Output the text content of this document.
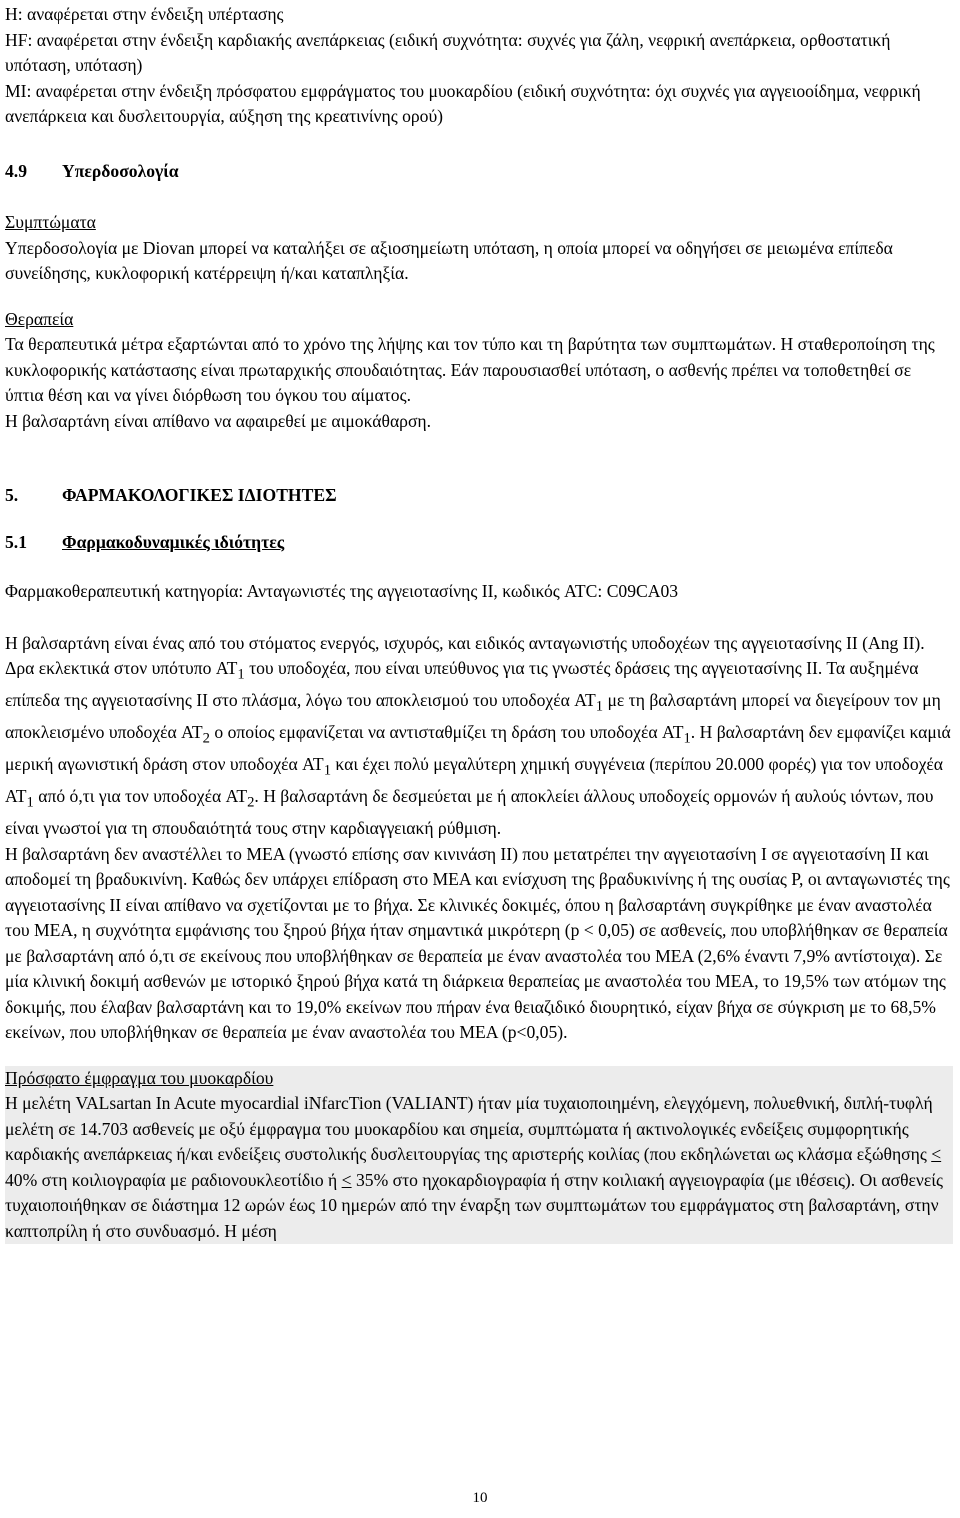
H: αναφέρεται στην ένδειξη υπέρτασης

HF: αναφέρεται στην ένδειξη καρδιακής ανεπάρκειας (ειδική συχνότητα: συχνές για ζάλη, νεφρική ανεπάρκεια, ορθοστατική υπόταση, υπόταση)

MI: αναφέρεται στην ένδειξη πρόσφατου εμφράγματος του μυοκαρδίου (ειδική συχνότητα: όχι συχνές για αγγειοοίδημα, νεφρική ανεπάρκεια και δυσλειτουργία, αύξηση της κρεατινίνης ορού)

4.9	Υπερδοσολογία

Συμπτώματα

Υπερδοσολογία με Diovan μπορεί να καταλήξει σε αξιοσημείωτη υπόταση, η οποία μπορεί να οδηγήσει σε μειωμένα επίπεδα συνείδησης, κυκλοφορική κατέρρειψη ή/και καταπληξία.

Θεραπεία

Τα θεραπευτικά μέτρα εξαρτώνται από το χρόνο της λήψης και τον τύπο και τη βαρύτητα των συμπτωμάτων. Η σταθεροποίηση της κυκλοφορικής κατάστασης είναι πρωταρχικής σπουδαιότητας. Εάν παρουσιασθεί υπόταση, ο ασθενής πρέπει να τοποθετηθεί σε ύπτια θέση και να γίνει διόρθωση του όγκου του αίματος.

Η βαλσαρτάνη είναι απίθανο να αφαιρεθεί με αιμοκάθαρση.

5.	ΦΑΡΜΑΚΟΛΟΓΙΚΕΣ ΙΔΙΟΤΗΤΕΣ
5.1	Φαρμακοδυναμικές ιδιότητες

Φαρμακοθεραπευτική κατηγορία: Ανταγωνιστές της αγγειοτασίνης ΙΙ, κωδικός ATC: C09CA03

Η βαλσαρτάνη είναι ένας από του στόματος ενεργός, ισχυρός, και ειδικός ανταγωνιστής υποδοχέων της αγγειοτασίνης ΙΙ (Ang II). Δρα εκλεκτικά στον υπότυπο $AT_1$ του υποδοχέα, που είναι υπεύθυνος για τις γνωστές δράσεις της αγγειοτασίνης ΙΙ. Τα αυξημένα επίπεδα της αγγειοτασίνης ΙΙ στο πλάσμα, λόγω του αποκλεισμού του υποδοχέα $AT_1$ με τη βαλσαρτάνη μπορεί να διεγείρουν τον μη αποκλεισμένο υποδοχέα $AT_2$ ο οποίος εμφανίζεται να αντισταθμίζει τη δράση του υποδοχέα $AT_1$. Η βαλσαρτάνη δεν εμφανίζει καμιά μερική αγωνιστική δράση στον υποδοχέα $AT_1$ και έχει πολύ μεγαλύτερη χημική συγγένεια (περίπου 20.000 φορές) για τον υποδοχέα $AT_1$ από ό,τι για τον υποδοχέα $AT_2$. Η βαλσαρτάνη δε δεσμεύεται με ή αποκλείει άλλους υποδοχείς ορμονών ή αυλούς ιόντων, που είναι γνωστοί για τη σπουδαιότητά τους στην καρδιαγγειακή ρύθμιση.

Η βαλσαρτάνη δεν αναστέλλει το ΜΕΑ (γνωστό επίσης σαν κινινάση ΙΙ) που μετατρέπει την αγγειοτασίνη Ι σε αγγειοτασίνη ΙΙ και αποδομεί τη βραδυκινίνη. Καθώς δεν υπάρχει επίδραση στο ΜΕΑ και ενίσχυση της βραδυκινίνης ή της ουσίας P, οι ανταγωνιστές της αγγειοτασίνης ΙΙ είναι απίθανο να σχετίζονται με το βήχα. Σε κλινικές δοκιμές, όπου η βαλσαρτάνη συγκρίθηκε με έναν αναστολέα του ΜΕΑ, η συχνότητα εμφάνισης του ξηρού βήχα ήταν σημαντικά μικρότερη (p < 0,05) σε ασθενείς, που υποβλήθηκαν σε θεραπεία με βαλσαρτάνη από ό,τι σε εκείνους που υποβλήθηκαν σε θεραπεία με έναν αναστολέα του ΜΕΑ (2,6% έναντι 7,9% αντίστοιχα). Σε μία κλινική δοκιμή ασθενών με ιστορικό ξηρού βήχα κατά τη διάρκεια θεραπείας με αναστολέα του ΜΕΑ, το 19,5% των ατόμων της δοκιμής, που έλαβαν βαλσαρτάνη και το 19,0% εκείνων που πήραν ένα θειαζιδικό διουρητικό, είχαν βήχα σε σύγκριση με το 68,5% εκείνων, που υποβλήθηκαν σε θεραπεία με έναν αναστολέα του ΜΕΑ (p<0,05).

Πρόσφατο έμφραγμα του μυοκαρδίου

Η μελέτη VALsartan In Acute myocardial iNfarcTion (VALIANT) ήταν μία τυχαιοποιημένη, ελεγχόμενη, πολυεθνική, διπλή-τυφλή μελέτη σε 14.703 ασθενείς με οξύ έμφραγμα του μυοκαρδίου και σημεία, συμπτώματα ή ακτινολογικές ενδείξεις συμφορητικής καρδιακής ανεπάρκειας ή/και ενδείξεις συστολικής δυσλειτουργίας της αριστερής κοιλίας (που εκδηλώνεται ως κλάσμα εξώθησης < 40% στη κοιλιογραφία με ραδιονουκλεοτίδιο ή < 35% στο ηχοκαρδιογραφία ή στην κοιλιακή αγγειογραφία (με ιθέσεις). Οι ασθενείς τυχαιοποιήθηκαν σε διάστημα 12 ωρών έως 10 ημερών από την έναρξη των συμπτωμάτων του εμφράγματος στη βαλσαρτάνη, στην καπτοπρίλη ή στο συνδυασμό. Η μέση

10
